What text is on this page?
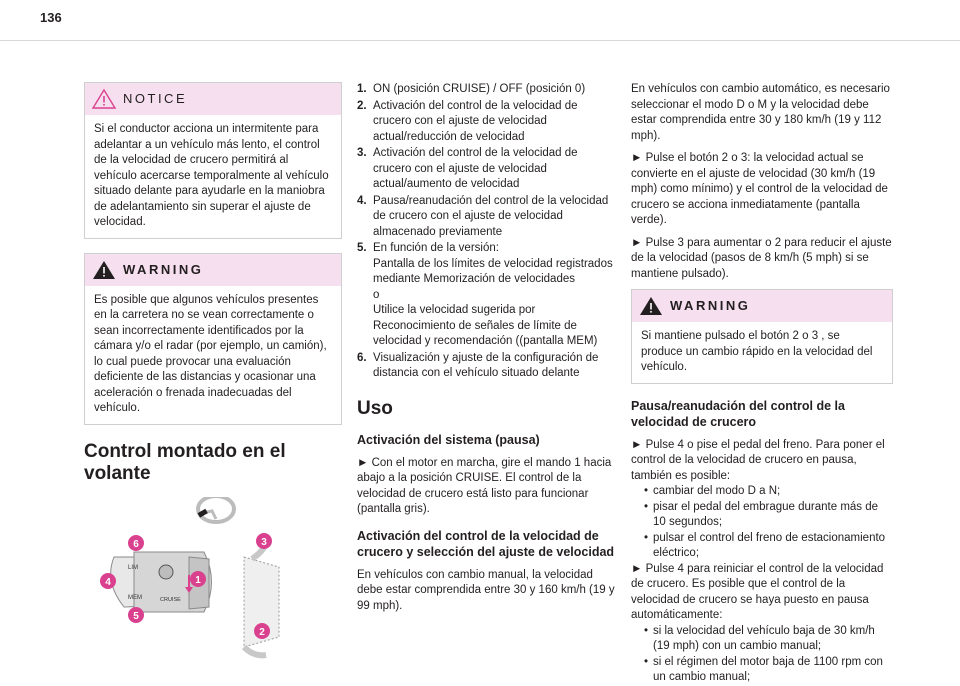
136
NOTICE
Si el conductor acciona un intermitente para adelantar a un vehículo más lento, el control de la velocidad de crucero permitirá al vehículo acercarse temporalmente al vehículo situado delante para ayudarle en la maniobra de adelantamiento sin superar el ajuste de velocidad.
WARNING
Es posible que algunos vehículos presentes en la carretera no se vean correctamente o sean incorrectamente identificados por la cámara y/o el radar (por ejemplo, un camión), lo cual puede provocar una evaluación deficiente de las distancias y ocasionar una aceleración o frenada inadecuadas del vehículo.
Control montado en el volante
LIM
MEM	CRUISE
6
4
5
1
3
2
1. ON (posición CRUISE) / OFF (posición 0)
2. Activación del control de la velocidad de crucero con el ajuste de velocidad actual/reducción de velocidad
3. Activación del control de la velocidad de crucero con el ajuste de velocidad actual/aumento de velocidad
4. Pausa/reanudación del control de la velocidad de crucero con el ajuste de velocidad almacenado previamente
5. En función de la versión:
Pantalla de los límites de velocidad registrados mediante Memorización de velocidades
o
Utilice la velocidad sugerida por Reconocimiento de señales de límite de velocidad y recomendación ((pantalla MEM)
6. Visualización y ajuste de la configuración de distancia con el vehículo situado delante
Uso
Activación del sistema (pausa)

► Con el motor en marcha, gire el mando 1 hacia abajo a la posición CRUISE. El control de la velocidad de crucero está listo para funcionar (pantalla gris).

Activación del control de la velocidad de crucero y selección del ajuste de velocidad

En vehículos con cambio manual, la velocidad debe estar comprendida entre 30 y 160 km/h (19 y 99 mph).

En vehículos con cambio automático, es necesario seleccionar el modo D o M y la velocidad debe estar comprendida entre 30 y 180 km/h (19 y 112 mph).

► Pulse el botón 2 o 3: la velocidad actual se convierte en el ajuste de velocidad (30 km/h (19 mph) como mínimo) y el control de la velocidad de crucero se acciona inmediatamente (pantalla verde).

► Pulse 3 para aumentar o 2 para reducir el ajuste de la velocidad (pasos de 8 km/h (5 mph) si se mantiene pulsado).

WARNING
Si mantiene pulsado el botón 2 o 3 , se produce un cambio rápido en la velocidad del vehículo.
Pausa/reanudación del control de la velocidad de crucero

► Pulse 4 o pise el pedal del freno. Para poner el control de la velocidad de crucero en pausa, también es posible:

• cambiar del modo D a N;
• pisar el pedal del embrague durante más de 10 segundos;
• pulsar el control del freno de estacionamiento eléctrico;

► Pulse 4 para reiniciar el control de la velocidad de crucero. Es posible que el control de la velocidad de crucero se haya puesto en pausa automáticamente:

• si la velocidad del vehículo baja de 30 km/h (19 mph) con un cambio manual;
• si el régimen del motor baja de 1100 rpm con un cambio manual;
